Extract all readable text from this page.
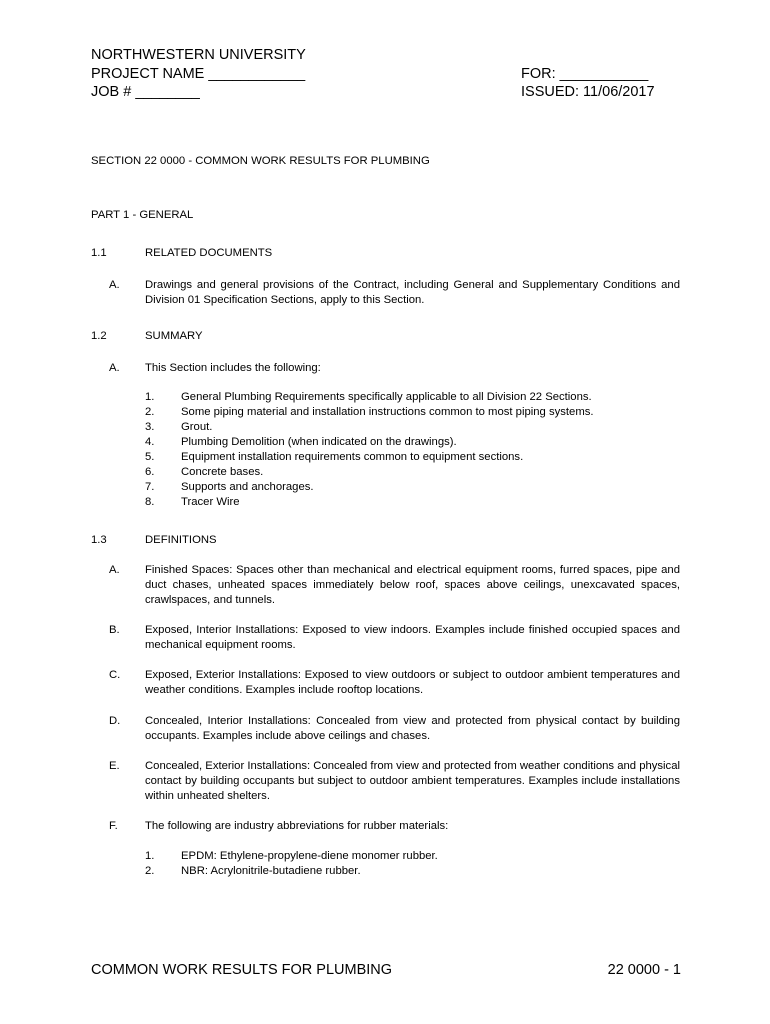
NORTHWESTERN UNIVERSITY
PROJECT NAME ____________	FOR: ___________
JOB # ________	ISSUED: 11/06/2017
SECTION 22 0000 - COMMON WORK RESULTS FOR PLUMBING
PART 1 - GENERAL
1.1	RELATED DOCUMENTS
A. Drawings and general provisions of the Contract, including General and Supplementary Conditions and Division 01 Specification Sections, apply to this Section.
1.2	SUMMARY
A. This Section includes the following:
1. General Plumbing Requirements specifically applicable to all Division 22 Sections.
2. Some piping material and installation instructions common to most piping systems.
3. Grout.
4. Plumbing Demolition (when indicated on the drawings).
5. Equipment installation requirements common to equipment sections.
6. Concrete bases.
7. Supports and anchorages.
8. Tracer Wire
1.3	DEFINITIONS
A. Finished Spaces: Spaces other than mechanical and electrical equipment rooms, furred spaces, pipe and duct chases, unheated spaces immediately below roof, spaces above ceilings, unexcavated spaces, crawlspaces, and tunnels.
B. Exposed, Interior Installations: Exposed to view indoors. Examples include finished occupied spaces and mechanical equipment rooms.
C. Exposed, Exterior Installations: Exposed to view outdoors or subject to outdoor ambient temperatures and weather conditions. Examples include rooftop locations.
D. Concealed, Interior Installations: Concealed from view and protected from physical contact by building occupants. Examples include above ceilings and chases.
E. Concealed, Exterior Installations: Concealed from view and protected from weather conditions and physical contact by building occupants but subject to outdoor ambient temperatures. Examples include installations within unheated shelters.
F. The following are industry abbreviations for rubber materials:
1. EPDM: Ethylene-propylene-diene monomer rubber.
2. NBR: Acrylonitrile-butadiene rubber.
COMMON WORK RESULTS FOR PLUMBING	22 0000 - 1
